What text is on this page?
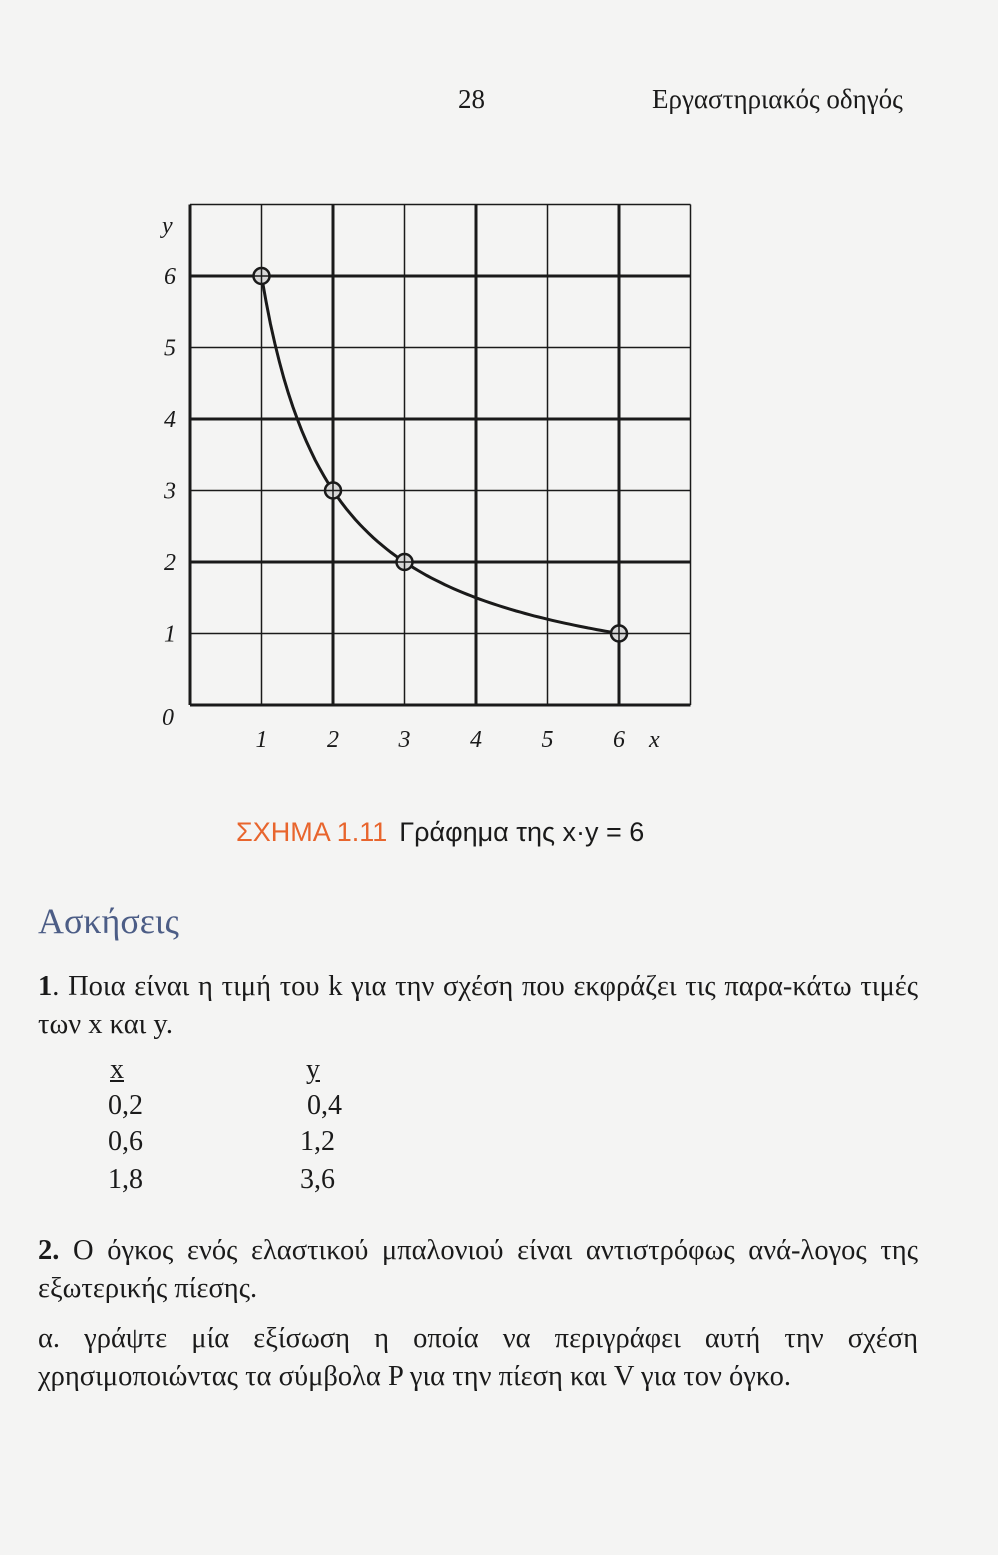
28	Εργαστηριακός οδηγός
1
2
3
4
5
6
1 2 3 4 5 6
y
x
0
ΣΧΗΜΑ 1.11 Γράφημα της x·y = 6
Ασκήσεις
1. Ποια είναι η τιμή του k για την σχέση που εκφράζει τις παρα-κάτω τιμές των x και y.
x	y
0,2	0,4
0,6	1,2
1,8	3,6
2. Ο όγκος ενός ελαστικού μπαλονιού είναι αντιστρόφως ανά-λογος της εξωτερικής πίεσης.
α. γράψτε μία εξίσωση η οποία να περιγράφει αυτή την σχέση χρησιμοποιώντας τα σύμβολα P για την πίεση και V για τον όγκο.
